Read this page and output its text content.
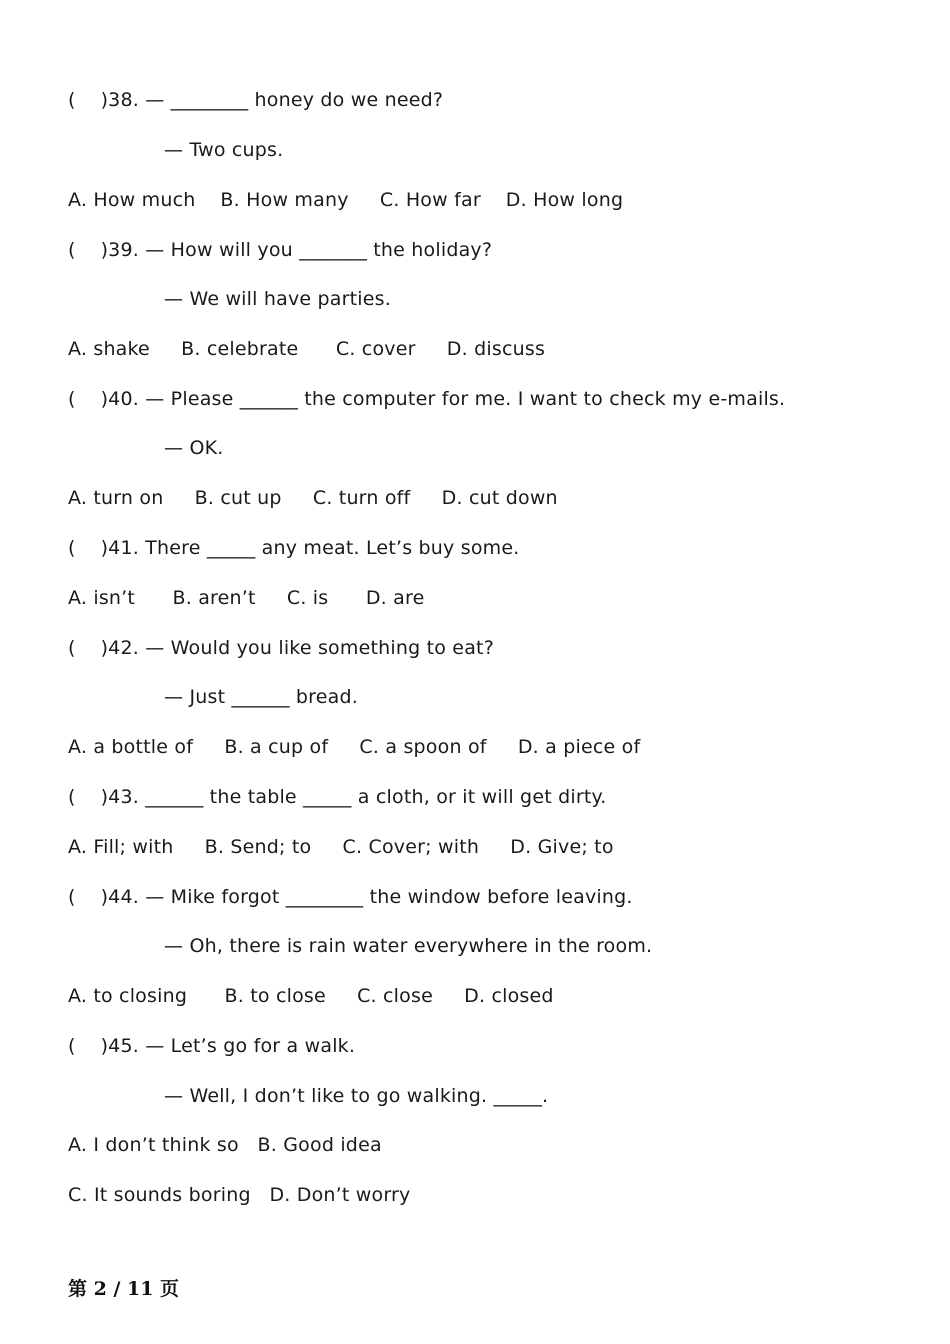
(    )38. — ________ honey do we need?
— Two cups.
A. How much    B. How many     C. How far    D. How long
(    )39. — How will you _______ the holiday?
— We will have parties.
A. shake     B. celebrate      C. cover     D. discuss
(    )40. — Please ______ the computer for me. I want to check my e-mails.
— OK.
A. turn on     B. cut up     C. turn off     D. cut down
(    )41. There _____ any meat. Let’s buy some.
A. isn’t      B. aren’t     C. is      D. are
(    )42. — Would you like something to eat?
— Just ______ bread.
A. a bottle of     B. a cup of     C. a spoon of     D. a piece of
(    )43. ______ the table _____ a cloth, or it will get dirty.
A. Fill; with     B. Send; to     C. Cover; with     D. Give; to
(    )44. — Mike forgot ________ the window before leaving.
— Oh, there is rain water everywhere in the room.
A. to closing      B. to close     C. close     D. closed
(    )45. — Let’s go for a walk.
— Well, I don’t like to go walking. _____.
A. I don’t think so   B. Good idea
C. It sounds boring   D. Don’t worry
第 2 / 11 页
